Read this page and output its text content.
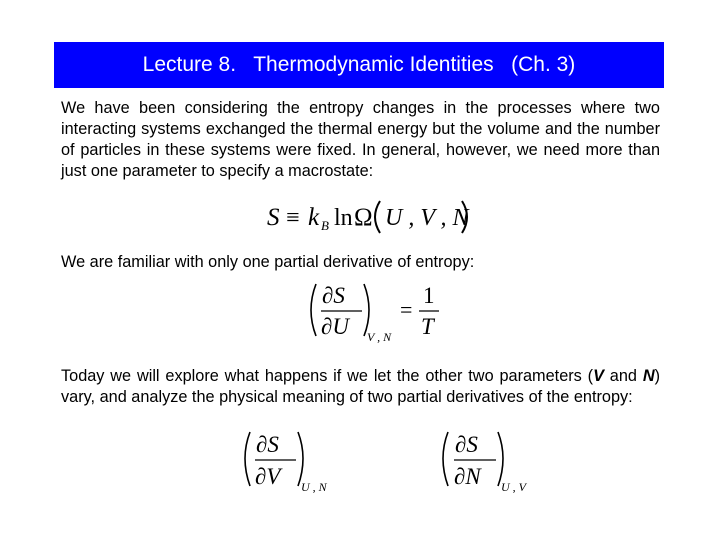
Lecture 8.   Thermodynamic Identities   (Ch. 3)
We have been considering the entropy changes in the processes where two interacting systems exchanged the thermal energy but the volume and the number of particles in these systems were fixed. In general, however, we need more than just one parameter to specify a macrostate:
S ≡ k B ln Ω U , V , N
We are familiar with only one partial derivative of entropy:
∂S
∂U V , N
=
1
T
Today we will explore what happens if we let the other two parameters (V and N) vary, and analyze the physical meaning of two partial derivatives of the entropy:
∂S
∂V U , N
∂S
∂N U , V
